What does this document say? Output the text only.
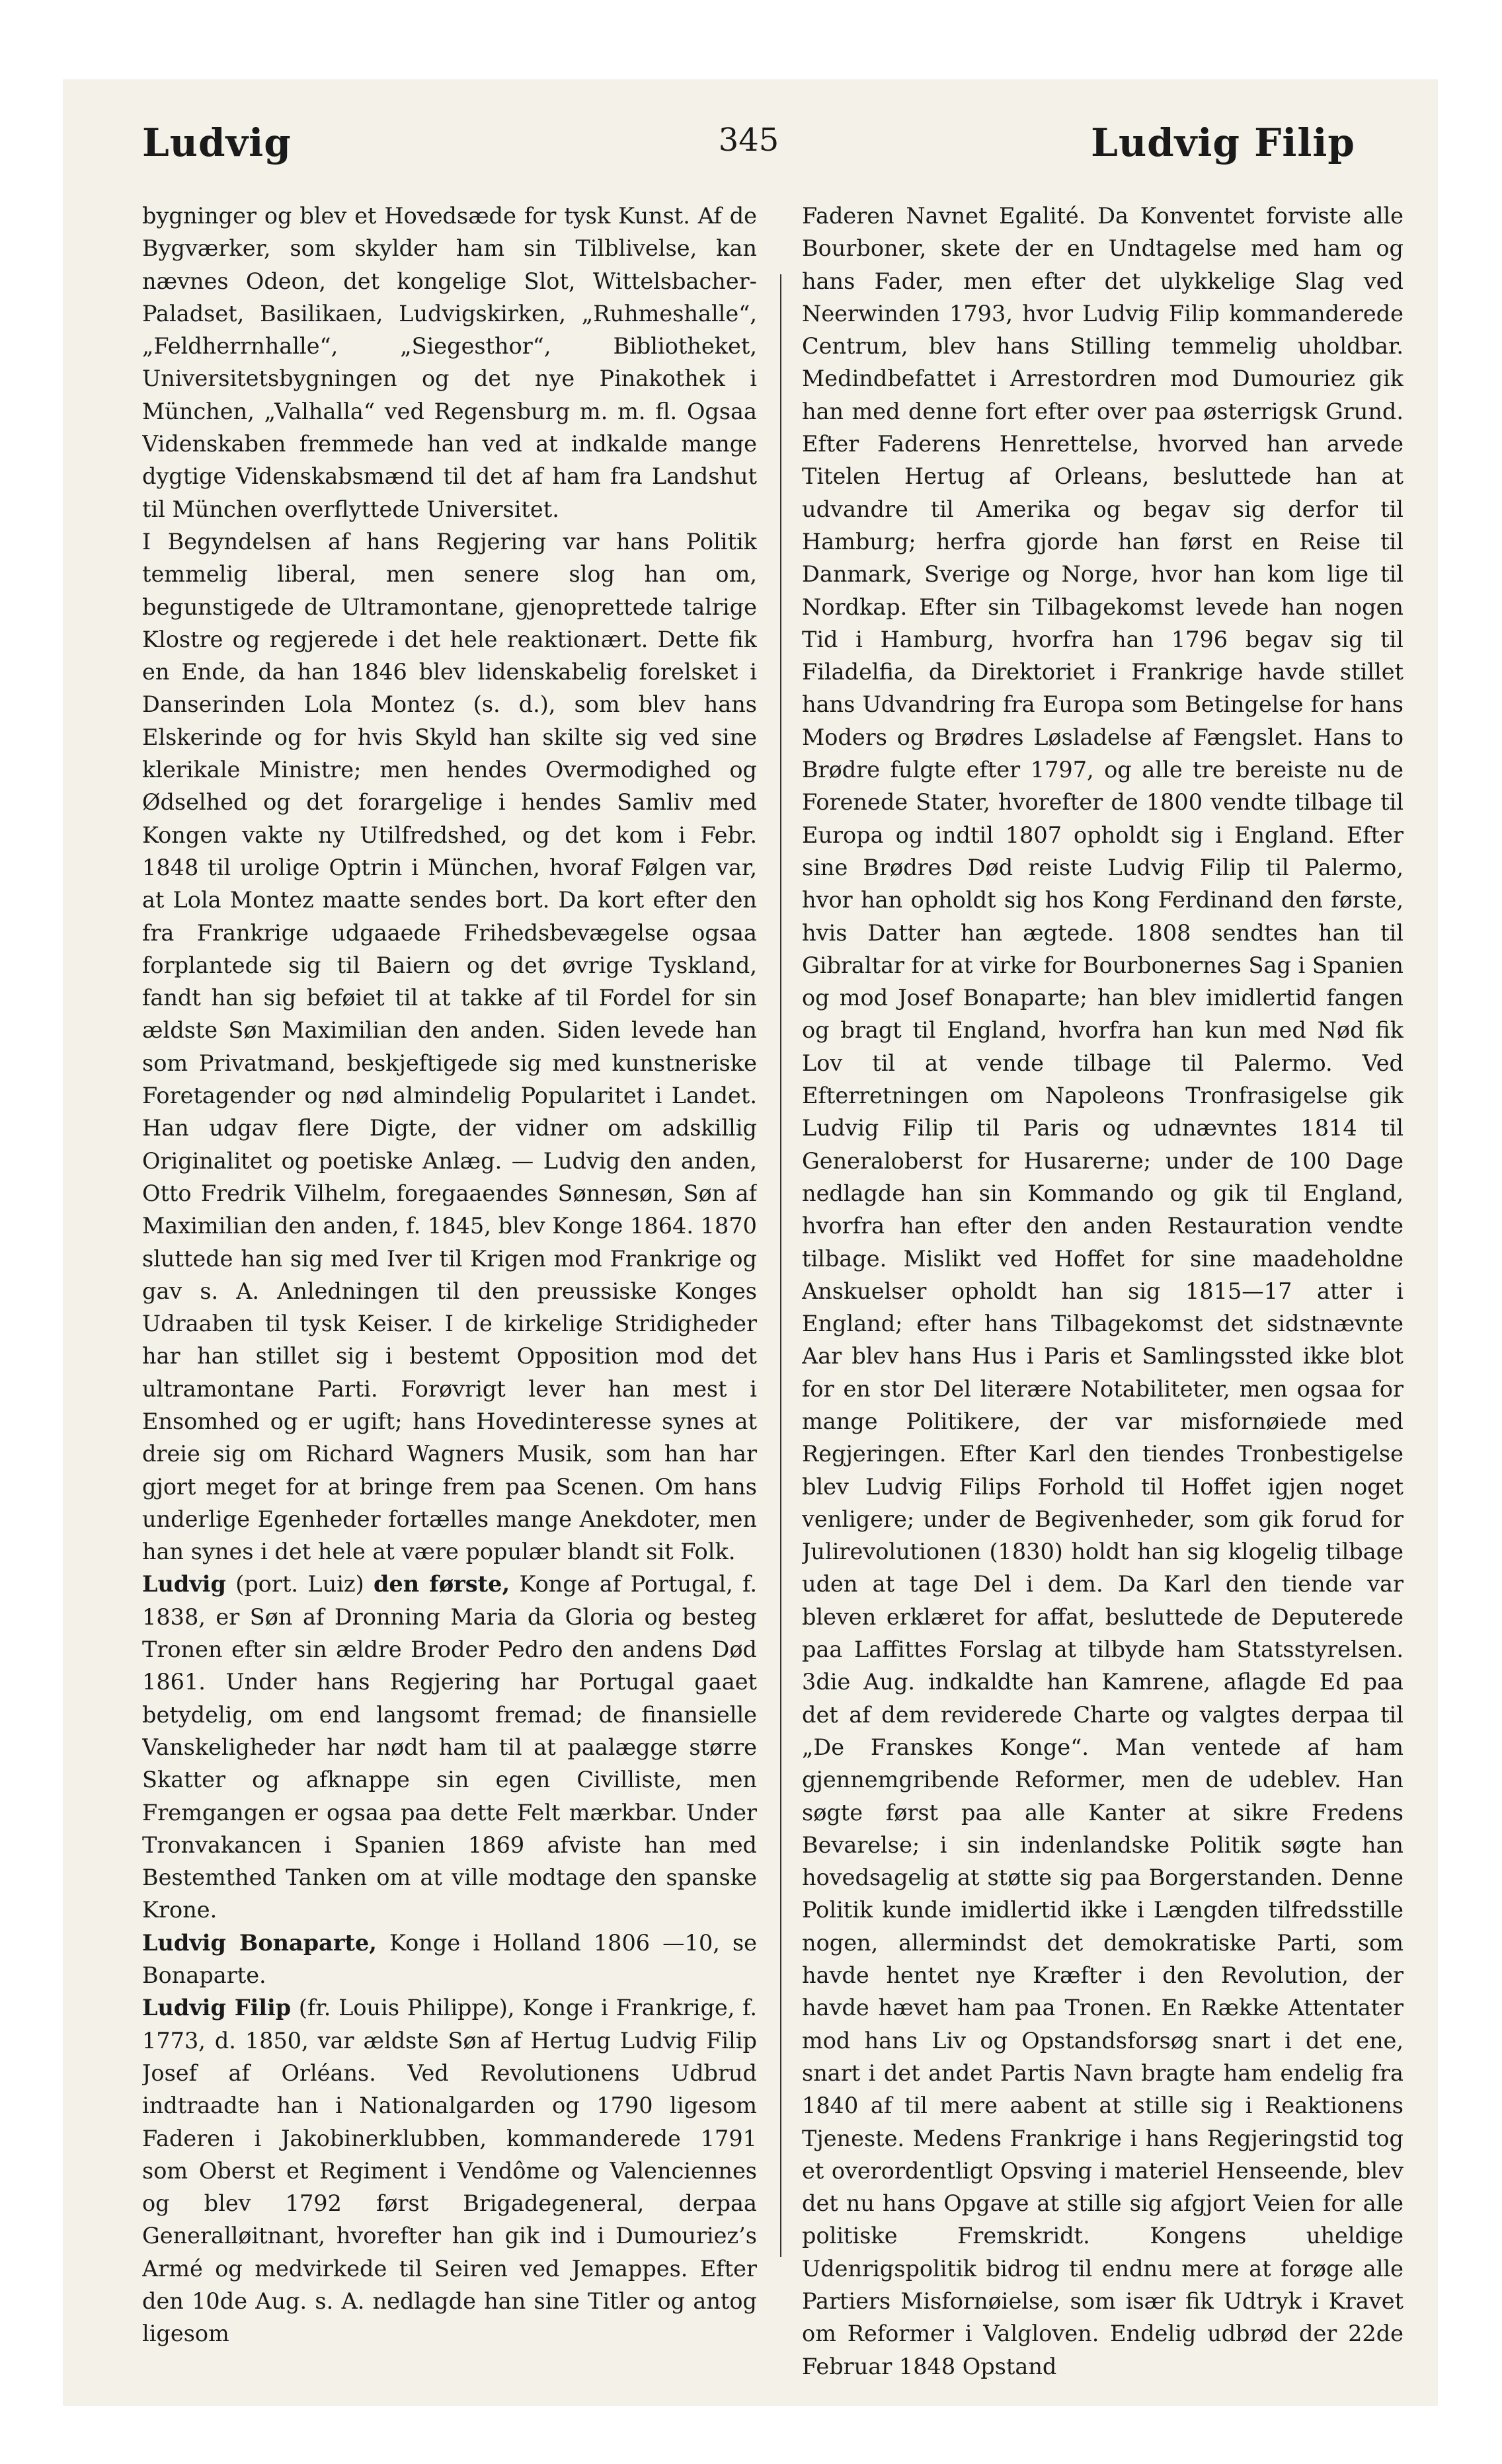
Ludvig	345	Ludvig Filip

bygninger og blev et Hovedsæde for tysk Kunst. Af de Bygværker, som skylder ham sin Tilblivelse, kan nævnes Odeon, det kongelige Slot, Wittelsbacher-Paladset, Basilikaen, Ludvigskirken, „Ruhmeshalle“, „Feldherrnhalle“, „Siegesthor“, Bibliotheket, Universitetsbygningen og det nye Pinakothek i München, „Valhalla“ ved Regensburg m. m. fl. Ogsaa Videnskaben fremmede han ved at indkalde mange dygtige Videnskabsmænd til det af ham fra Landshut til München overflyttede Universitet.

I Begyndelsen af hans Regjering var hans Politik temmelig liberal, men senere slog han om, begunstigede de Ultramontane, gjenoprettede talrige Klostre og regjerede i det hele reaktionært. Dette fik en Ende, da han 1846 blev lidenskabelig forelsket i Danserinden Lola Montez (s. d.), som blev hans Elskerinde og for hvis Skyld han skilte sig ved sine klerikale Ministre; men hendes Overmodighed og Ødselhed og det forargelige i hendes Samliv med Kongen vakte ny Utilfredshed, og det kom i Febr. 1848 til urolige Optrin i München, hvoraf Følgen var, at Lola Montez maatte sendes bort. Da kort efter den fra Frankrige udgaaede Frihedsbevægelse ogsaa forplantede sig til Baiern og det øvrige Tyskland, fandt han sig beføiet til at takke af til Fordel for sin ældste Søn Maximilian den anden. Siden levede han som Privatmand, beskjeftigede sig med kunstneriske Foretagender og nød almindelig Popularitet i Landet. Han udgav flere Digte, der vidner om adskillig Originalitet og poetiske Anlæg. — Ludvig den anden, Otto Fredrik Vilhelm, foregaaendes Sønnesøn, Søn af Maximilian den anden, f. 1845, blev Konge 1864. 1870 sluttede han sig med Iver til Krigen mod Frankrige og gav s. A. Anledningen til den preussiske Konges Udraaben til tysk Keiser. I de kirkelige Stridigheder har han stillet sig i bestemt Opposition mod det ultramontane Parti. Forøvrigt lever han mest i Ensomhed og er ugift; hans Hovedinteresse synes at dreie sig om Richard Wagners Musik, som han har gjort meget for at bringe frem paa Scenen. Om hans underlige Egenheder fortælles mange Anekdoter, men han synes i det hele at være populær blandt sit Folk.

Ludvig (port. Luiz) den første, Konge af Portugal, f. 1838, er Søn af Dronning Maria da Gloria og besteg Tronen efter sin ældre Broder Pedro den andens Død 1861. Under hans Regjering har Portugal gaaet betydelig, om end langsomt fremad; de finansielle Vanskeligheder har nødt ham til at paalægge større Skatter og afknappe sin egen Civilliste, men Fremgangen er ogsaa paa dette Felt mærkbar. Under Tronvakancen i Spanien 1869 afviste han med Bestemthed Tanken om at ville modtage den spanske Krone.

Ludvig Bonaparte, Konge i Holland 1806 —10, se Bonaparte.

Ludvig Filip (fr. Louis Philippe), Konge i Frankrige, f. 1773, d. 1850, var ældste Søn af Hertug Ludvig Filip Josef af Orléans. Ved Revolutionens Udbrud indtraadte han i Nationalgarden og 1790 ligesom Faderen i Jakobinerklubben, kommanderede 1791 som Oberst et Regiment i Vendôme og Valenciennes og blev 1792 først Brigadegeneral, derpaa Generalløitnant, hvorefter han gik ind i Dumouriez’s Armé og medvirkede til Seiren ved Jemappes. Efter den 10de Aug. s. A. nedlagde han sine Titler og antog ligesom

Faderen Navnet Egalité. Da Konventet forviste alle Bourboner, skete der en Undtagelse med ham og hans Fader, men efter det ulykkelige Slag ved Neerwinden 1793, hvor Ludvig Filip kommanderede Centrum, blev hans Stilling temmelig uholdbar. Medindbefattet i Arrestordren mod Dumouriez gik han med denne fort efter over paa østerrigsk Grund. Efter Faderens Henrettelse, hvorved han arvede Titelen Hertug af Orleans, besluttede han at udvandre til Amerika og begav sig derfor til Hamburg; herfra gjorde han først en Reise til Danmark, Sverige og Norge, hvor han kom lige til Nordkap. Efter sin Tilbagekomst levede han nogen Tid i Hamburg, hvorfra han 1796 begav sig til Filadelfia, da Direktoriet i Frankrige havde stillet hans Udvandring fra Europa som Betingelse for hans Moders og Brødres Løsladelse af Fængslet. Hans to Brødre fulgte efter 1797, og alle tre bereiste nu de Forenede Stater, hvorefter de 1800 vendte tilbage til Europa og indtil 1807 opholdt sig i England. Efter sine Brødres Død reiste Ludvig Filip til Palermo, hvor han opholdt sig hos Kong Ferdinand den første, hvis Datter han ægtede. 1808 sendtes han til Gibraltar for at virke for Bourbonernes Sag i Spanien og mod Josef Bonaparte; han blev imidlertid fangen og bragt til England, hvorfra han kun med Nød fik Lov til at vende tilbage til Palermo. Ved Efterretningen om Napoleons Tronfrasigelse gik Ludvig Filip til Paris og udnævntes 1814 til Generaloberst for Husarerne; under de 100 Dage nedlagde han sin Kommando og gik til England, hvorfra han efter den anden Restauration vendte tilbage. Mislikt ved Hoffet for sine maadeholdne Anskuelser opholdt han sig 1815—17 atter i England; efter hans Tilbagekomst det sidstnævnte Aar blev hans Hus i Paris et Samlingssted ikke blot for en stor Del literære Notabiliteter, men ogsaa for mange Politikere, der var misfornøiede med Regjeringen. Efter Karl den tiendes Tronbestigelse blev Ludvig Filips Forhold til Hoffet igjen noget venligere; under de Begivenheder, som gik forud for Julirevolutionen (1830) holdt han sig klogelig tilbage uden at tage Del i dem. Da Karl den tiende var bleven erklæret for affat, besluttede de Deputerede paa Laffittes Forslag at tilbyde ham Statsstyrelsen. 3die Aug. indkaldte han Kamrene, aflagde Ed paa det af dem reviderede Charte og valgtes derpaa til „De Franskes Konge“. Man ventede af ham gjennemgribende Reformer, men de udeblev. Han søgte først paa alle Kanter at sikre Fredens Bevarelse; i sin indenlandske Politik søgte han hovedsagelig at støtte sig paa Borgerstanden. Denne Politik kunde imidlertid ikke i Længden tilfredsstille nogen, allermindst det demokratiske Parti, som havde hentet nye Kræfter i den Revolution, der havde hævet ham paa Tronen. En Række Attentater mod hans Liv og Opstandsforsøg snart i det ene, snart i det andet Partis Navn bragte ham endelig fra 1840 af til mere aabent at stille sig i Reaktionens Tjeneste. Medens Frankrige i hans Regjeringstid tog et overordentligt Opsving i materiel Henseende, blev det nu hans Opgave at stille sig afgjort Veien for alle politiske Fremskridt. Kongens uheldige Udenrigspolitik bidrog til endnu mere at forøge alle Partiers Misfornøielse, som især fik Udtryk i Kravet om Reformer i Valgloven. Endelig udbrød der 22de Februar 1848 Opstand
